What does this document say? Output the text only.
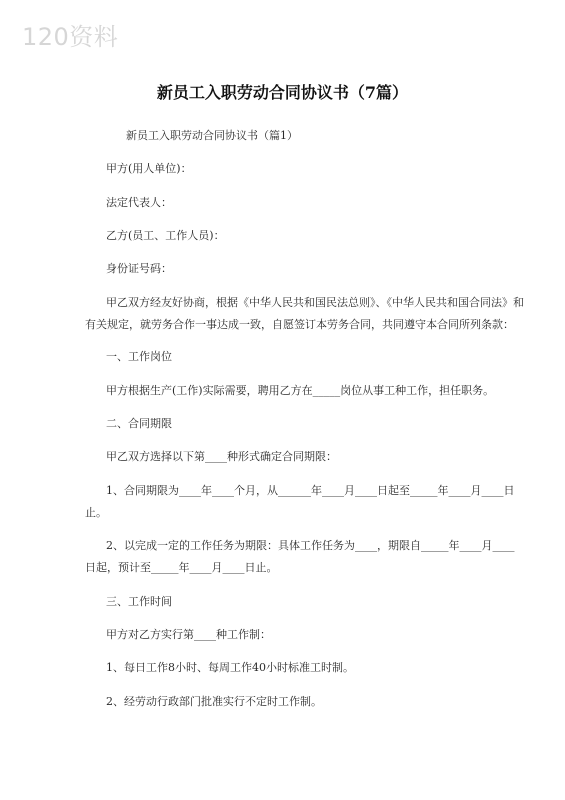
120资料
新员工入职劳动合同协议书（7篇）
新员工入职劳动合同协议书（篇1）
甲方(用人单位)：
法定代表人：
乙方(员工、工作人员)：
身份证号码：
甲乙双方经友好协商，根据《中华人民共和国民法总则》、《中华人民共和国合同法》和
有关规定，就劳务合作一事达成一致，自愿签订本劳务合同，共同遵守本合同所列条款：
一、工作岗位
甲方根据生产(工作)实际需要，聘用乙方在_____岗位从事工种工作，担任职务。
二、合同期限
甲乙双方选择以下第____种形式确定合同期限：
1、合同期限为____年____个月，从______年____月____日起至_____年____月____日
止。
2、以完成一定的工作任务为期限：具体工作任务为____，期限自_____年____月____
日起，预计至_____年____月____日止。
三、工作时间
甲方对乙方实行第____种工作制：
1、每日工作8小时、每周工作40小时标准工时制。
2、经劳动行政部门批准实行不定时工作制。
